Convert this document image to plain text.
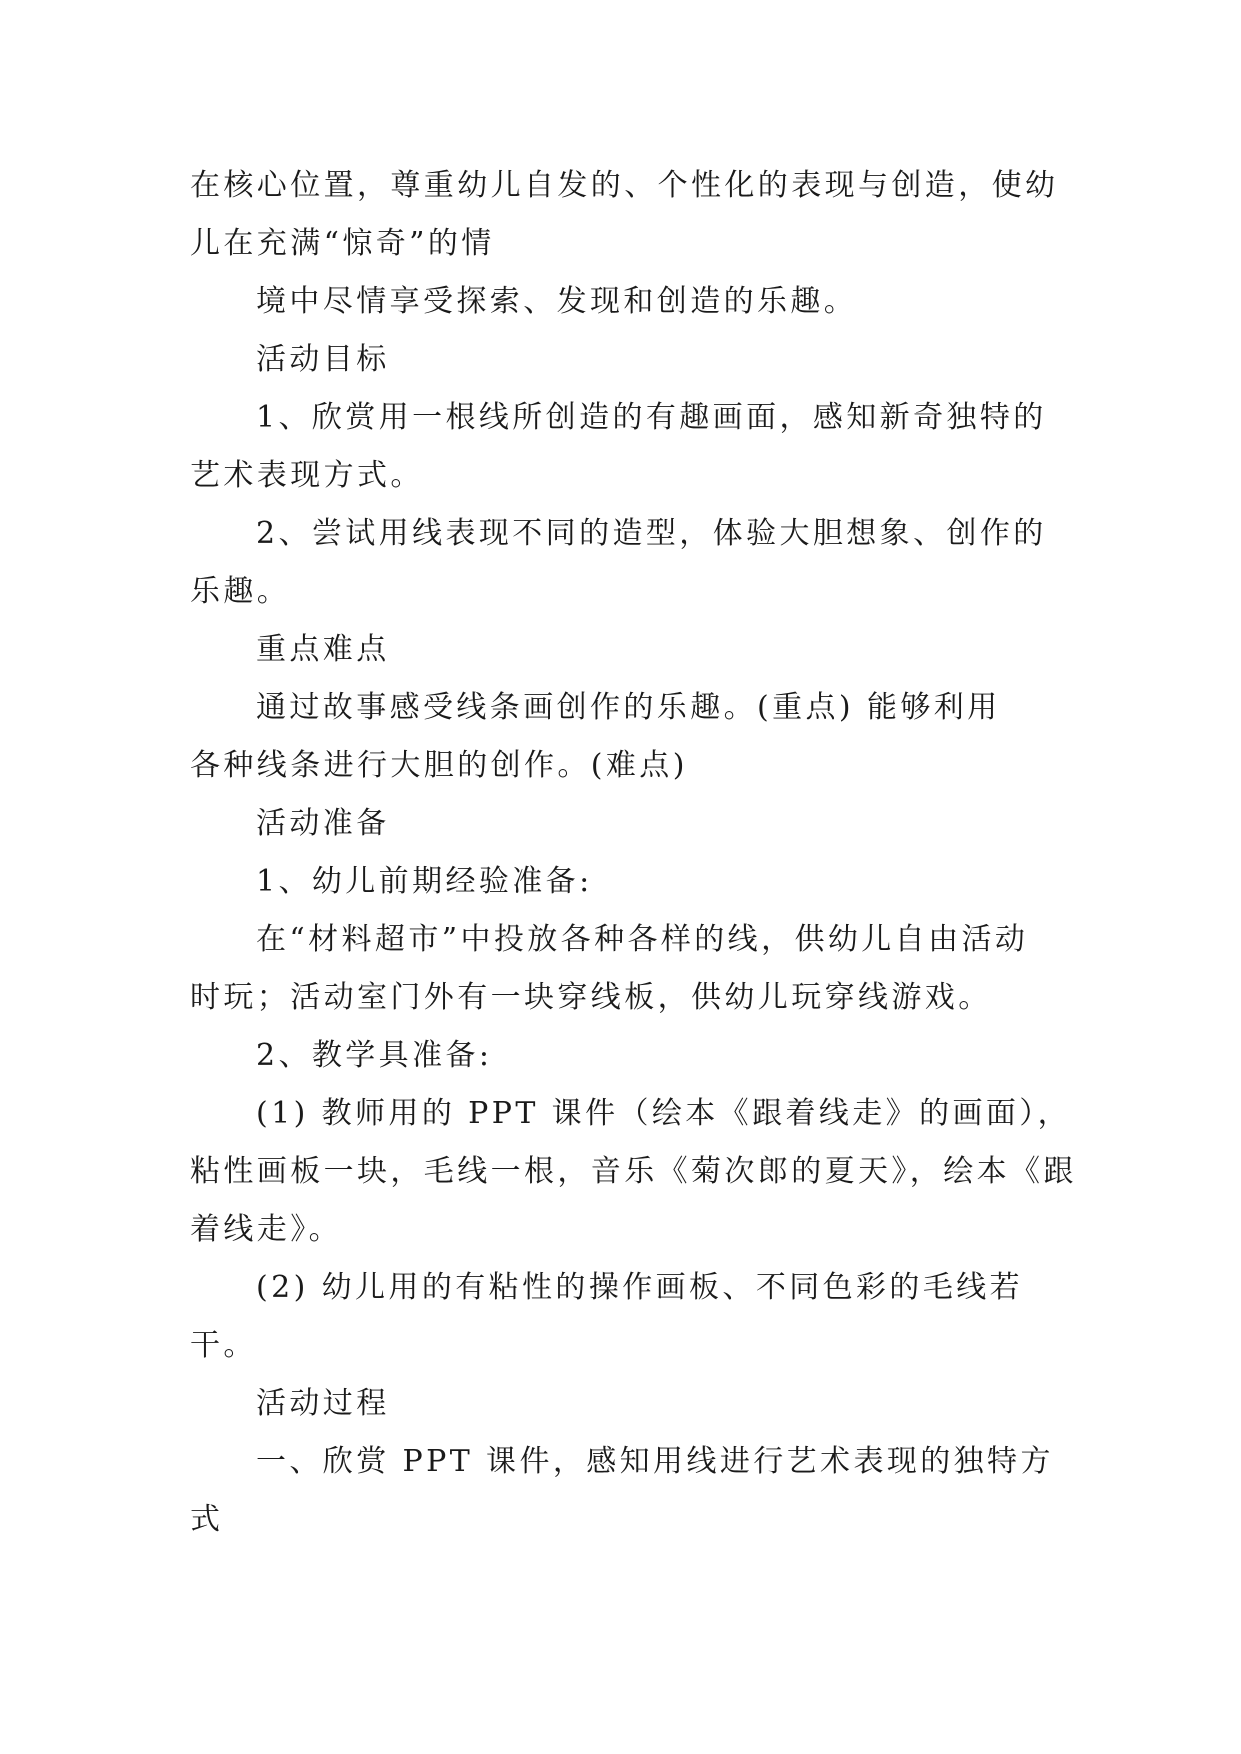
在核心位置，尊重幼儿自发的、个性化的表现与创造，使幼
儿在充满“惊奇”的情
境中尽情享受探索、发现和创造的乐趣。
活动目标
1、欣赏用一根线所创造的有趣画面，感知新奇独特的
艺术表现方式。
2、尝试用线表现不同的造型，体验大胆想象、创作的
乐趣。
重点难点
通过故事感受线条画创作的乐趣。(重点) 能够利用
各种线条进行大胆的创作。(难点)
活动准备
1、幼儿前期经验准备:
在“材料超市”中投放各种各样的线，供幼儿自由活动
时玩；活动室门外有一块穿线板，供幼儿玩穿线游戏。
2、教学具准备:
(1) 教师用的 PPT 课件（绘本《跟着线走》的画面），
粘性画板一块，毛线一根，音乐《菊次郎的夏天》，绘本《跟
着线走》。
(2) 幼儿用的有粘性的操作画板、不同色彩的毛线若
干。
活动过程
一、欣赏 PPT 课件，感知用线进行艺术表现的独特方
式
